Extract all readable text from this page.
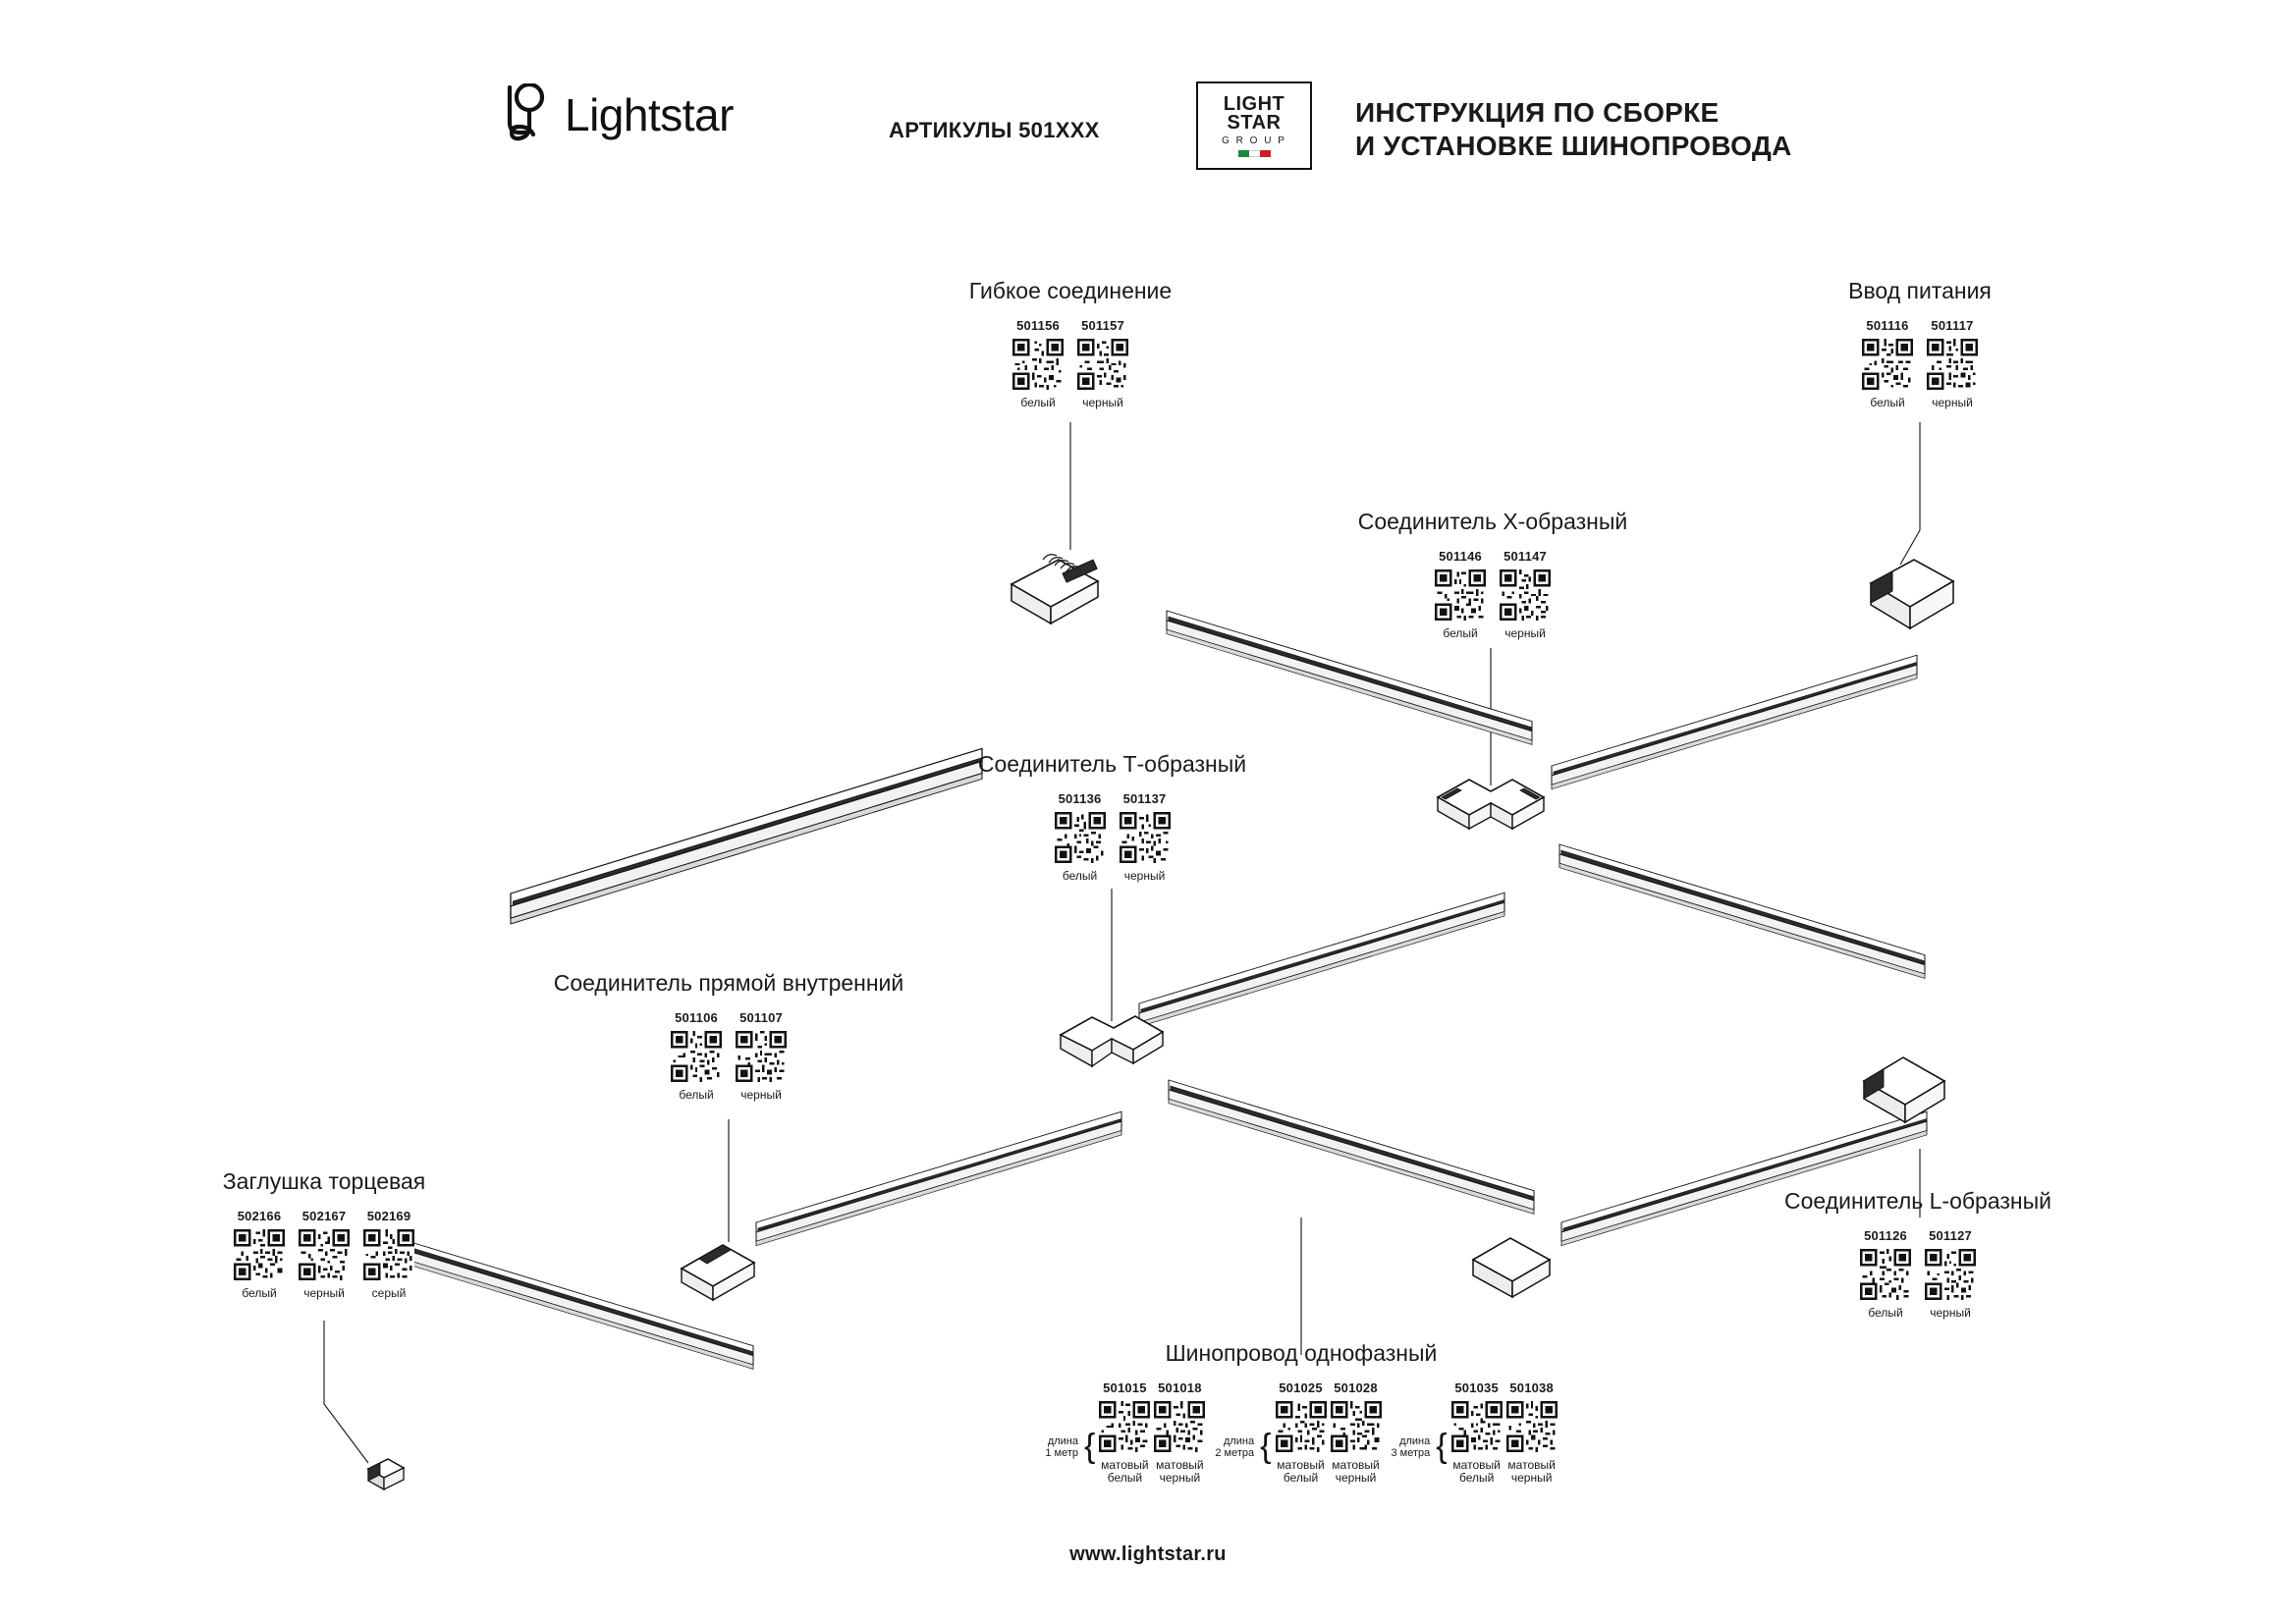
Lightstar	АРТИКУЛЫ 501ХХХ
LIGHT
STAR
G R O U P
ИНСТРУКЦИЯ ПО СБОРКЕ
И УСТАНОВКЕ ШИНОПРОВОДА
Гибкое соединение
501156
белый
501157
черный
Ввод питания
501116
белый
501117
черный
Соединитель X-образный
501146
белый
501147
черный
Соединитель Т-образный
501136
белый
501137
черный
Соединитель прямой внутренний
501106
белый
501107
черный
Заглушка торцевая
502166
белый
502167
черный
502169
серый
Соединитель L-образный
501126
белый
501127
черный
Шинопровод однофазный
длина
1 метр {
501015
матовый
белый
501018
матовый
черный
длина
2 метра {
501025
матовый
белый
501028
матовый
черный
длина
3 метра {
501035
матовый
белый
501038
матовый
черный
www.lightstar.ru
